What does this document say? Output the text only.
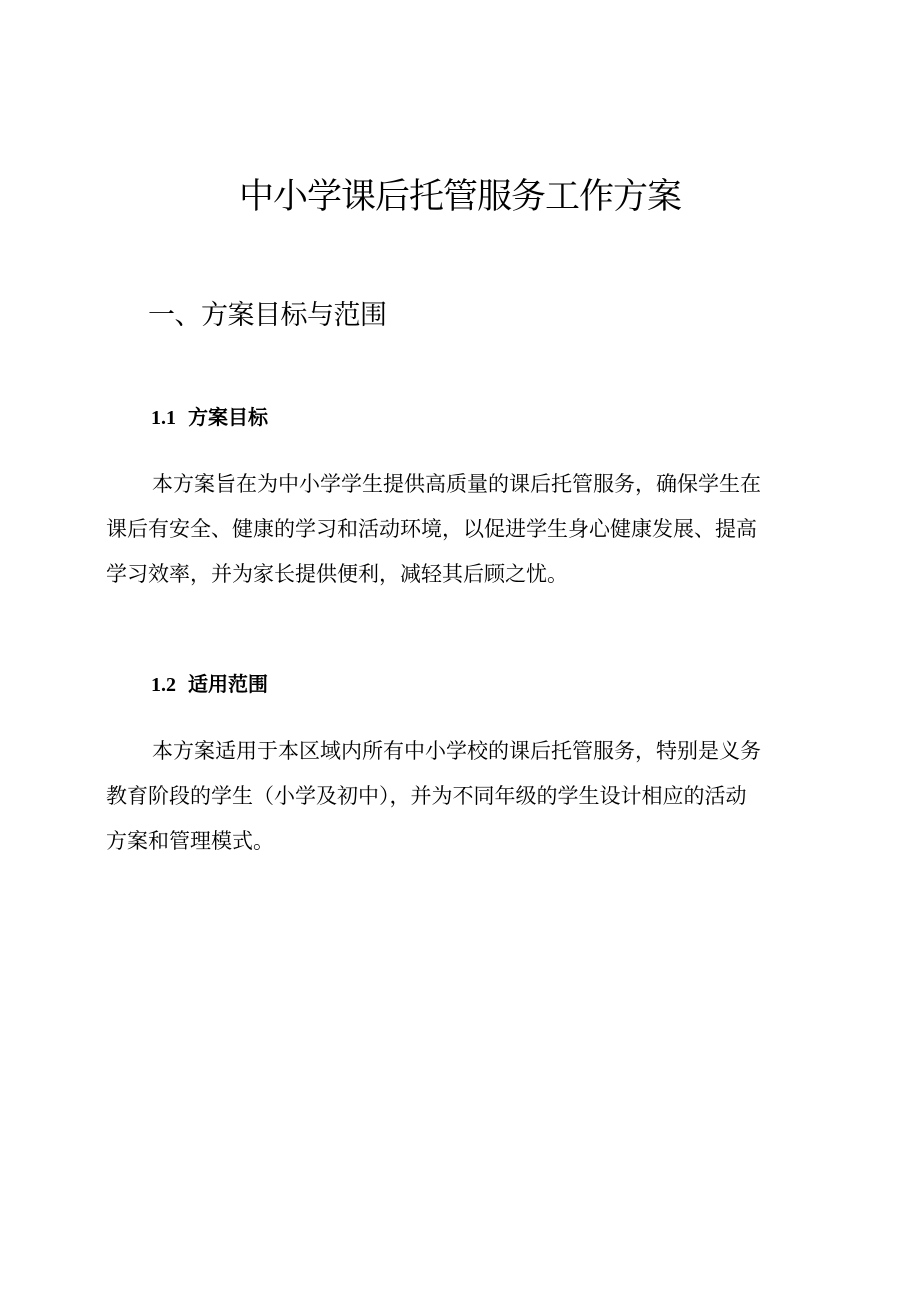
中小学课后托管服务工作方案
一、方案目标与范围
1.1 方案目标

本方案旨在为中小学学生提供高质量的课后托管服务，确保学生在
课后有安全、健康的学习和活动环境，以促进学生身心健康发展、提高
学习效率，并为家长提供便利，减轻其后顾之忧。

1.2 适用范围

本方案适用于本区域内所有中小学校的课后托管服务，特别是义务
教育阶段的学生（小学及初中），并为不同年级的学生设计相应的活动
方案和管理模式。
